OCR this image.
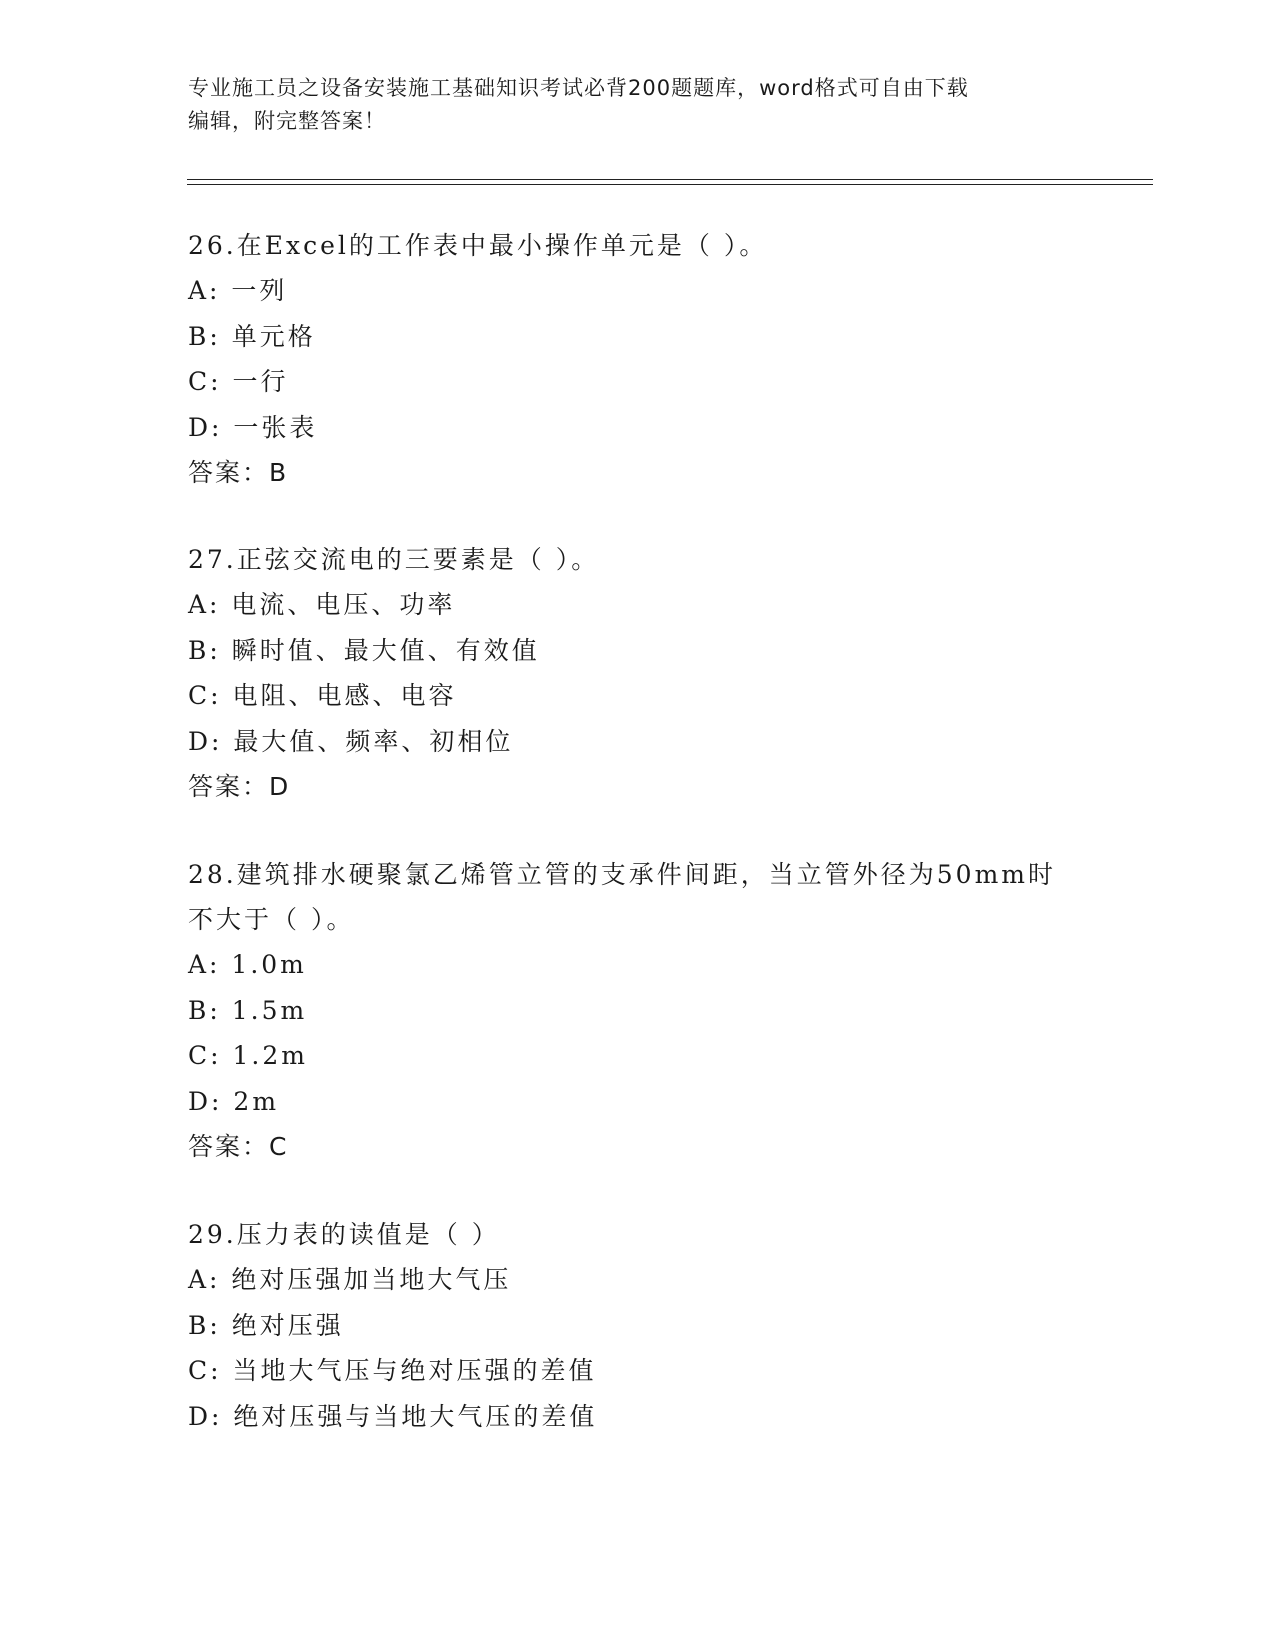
专业施工员之设备安装施工基础知识考试必背200题题库，word格式可自由下载
编辑，附完整答案！
26.在Excel的工作表中最小操作单元是（ ）。
A: 一列
B: 单元格
C: 一行
D: 一张表
答案：B
27.正弦交流电的三要素是（ ）。
A: 电流、电压、功率
B: 瞬时值、最大值、有效值
C: 电阻、电感、电容
D: 最大值、频率、初相位
答案：D
28.建筑排水硬聚氯乙烯管立管的支承件间距，当立管外径为50mm时
不大于（ ）。
A: 1.0m
B: 1.5m
C: 1.2m
D: 2m
答案：C
29.压力表的读值是（ ）
A: 绝对压强加当地大气压
B: 绝对压强
C: 当地大气压与绝对压强的差值
D: 绝对压强与当地大气压的差值
